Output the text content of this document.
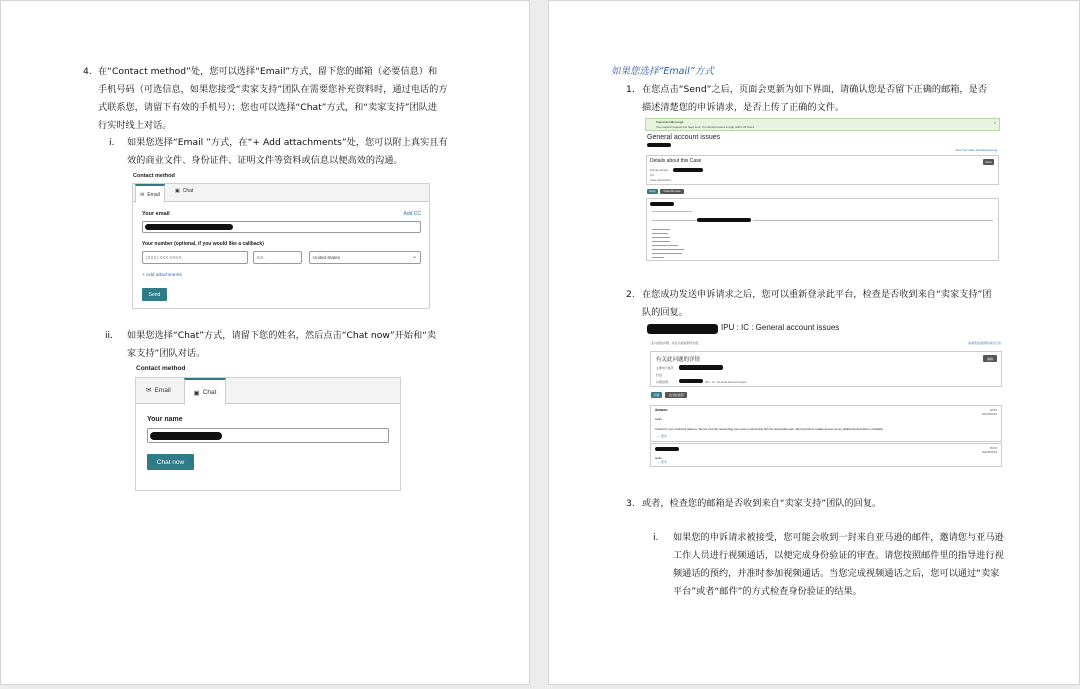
4. 在“Contact method”处，您可以选择“Email”方式，留下您的邮箱（必要信息）和
手机号码（可选信息，如果您接受“卖家支持”团队在需要您补充资料时，通过电话的方
式联系您，请留下有效的手机号）；您也可以选择“Chat”方式，和“卖家支持”团队进
行实时线上对话。
i. 如果您选择“Email ”方式，在“+ Add attachments”处，您可以附上真实且有
效的商业文件、身份证件、证明文件等资料或信息以便高效的沟通。
Contact method
✉ Email
▣ Chat
Your email	Add CC
Your number (optional, if you would like a callback)
(XXX) XXX-XXXX	Ext.	United States	⌄
+ Add attachments
Send
ii. 如果您选择“Chat”方式，请留下您的姓名，然后点击“Chat now”开始和“卖
家支持”团队对话。
Contact method
✉ Email	▣ Chat
Your name
Chat now
如果您选择“Email”方式
1. 在您点击“Send”之后，页面会更新为如下界面，请确认您是否留下正确的邮箱，是否
描述清楚您的申诉请求，是否上传了正确的文件。
Important Message
Your support request has been sent. You should receive a reply within 24 hours.
×
General account issues
View Your Case and Request Log
Details about this Case	Close
Primary Email:
CC:
Case description:
Reply	Close this case
2. 在您成功发送申诉请求之后，您可以重新登录此平台，检查是否收到来自“卖家支持”团
队的回复。
IPU : IC : General account issues
亚马逊的问题 - 该亚马逊案例号信息	查看您的案例和请求记录
有关此问题的详情	编辑
主要电子邮件
抄送
问题说明：	IPU : IC : General account issues
回复	关闭此案例
Amazon	10:55
2024/06/04
Hello,
Thanks for your continued patience. We are currently researching your issue in partnership with the responsible team. We'll provide an update as soon as any additional information is available.
— 更多
15:06
2024/06/03
Hello,
— 更多
3. 或者，检查您的邮箱是否收到来自“卖家支持”团队的回复。
i. 如果您的申诉请求被接受，您可能会收到一封来自亚马逊的邮件，邀请您与亚马逊
工作人员进行视频通话，以便完成身份验证的审查。请您按照邮件里的指导进行视
频通话的预约，并准时参加视频通话。当您完成视频通话之后，您可以通过“卖家
平台”或者“邮件”的方式检查身份验证的结果。
